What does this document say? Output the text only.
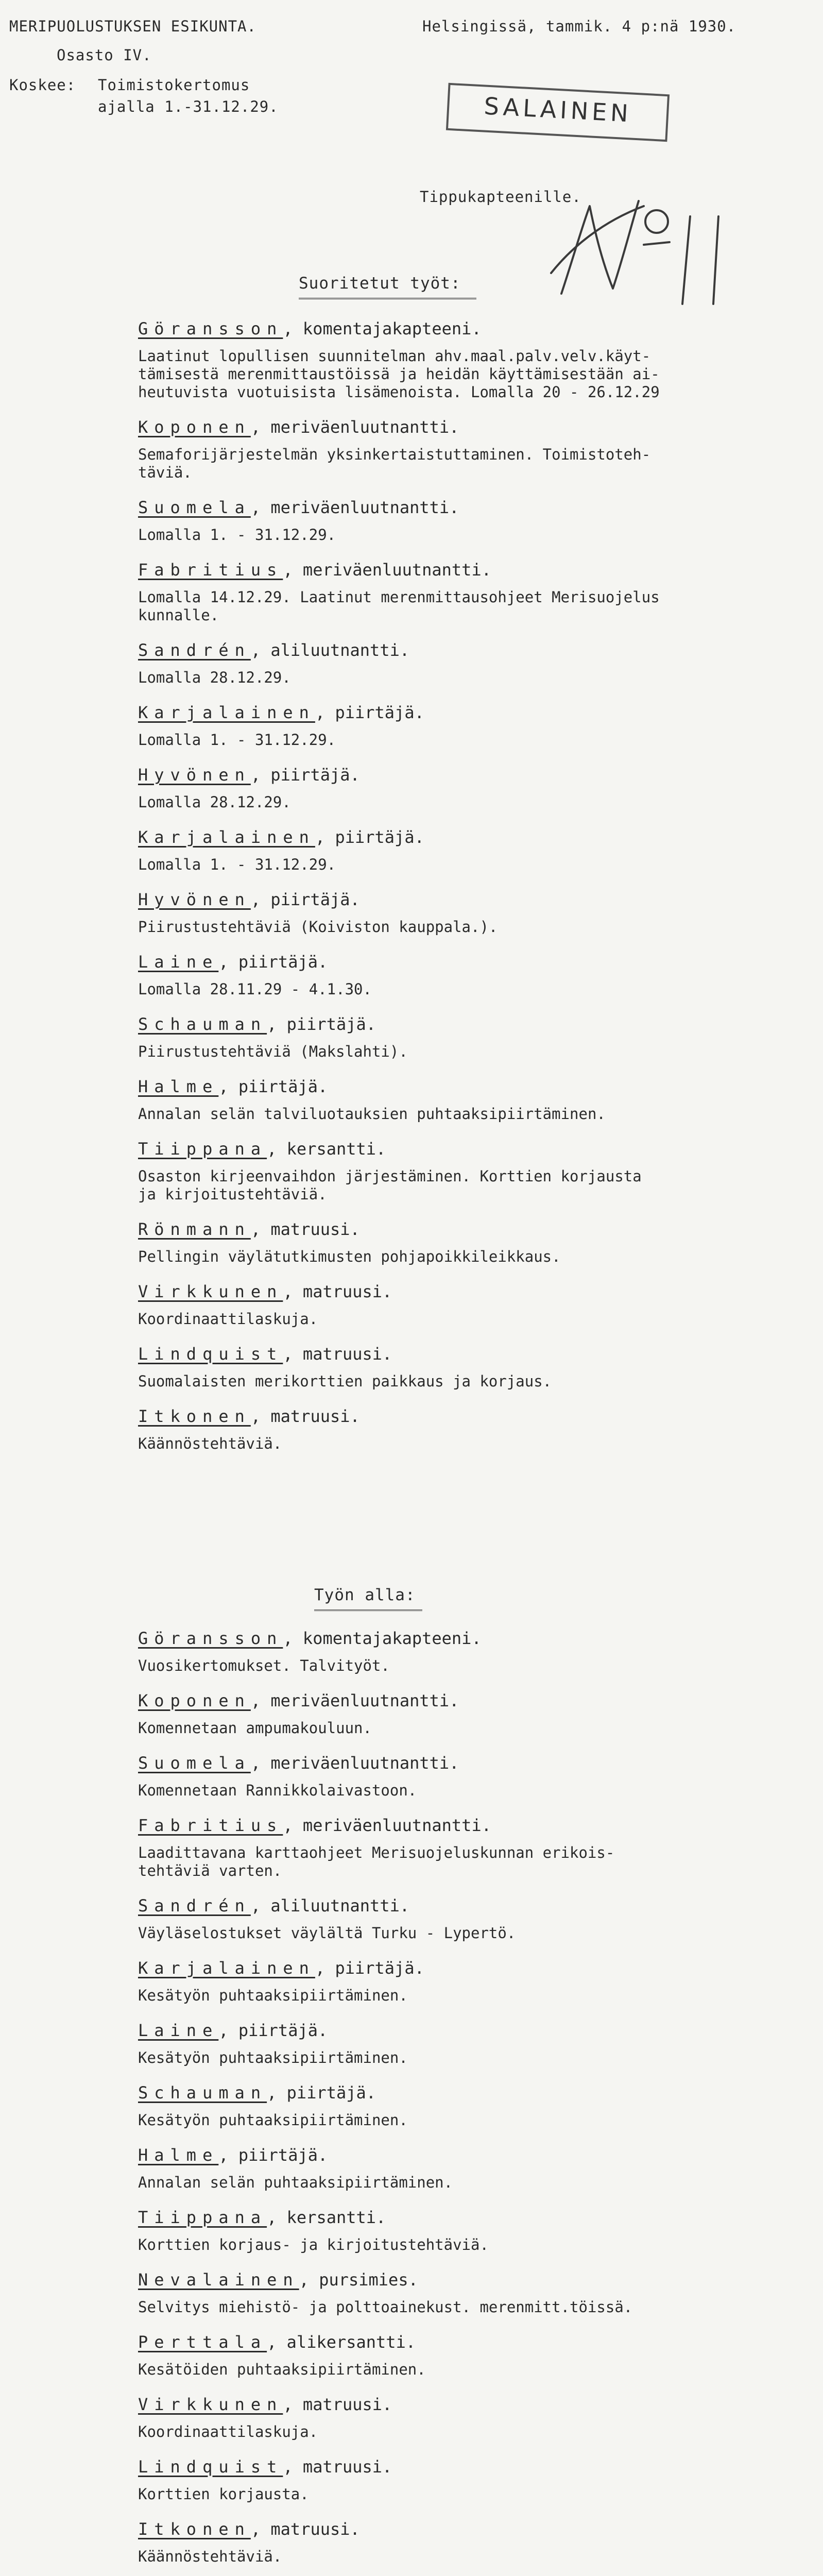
MERIPUOLUSTUKSEN ESIKUNTA.
Osasto IV.
Helsingissä, tammik. 4 p:nä 1930.
Koskee: Toimistokertomus
ajalla 1.-31.12.29.	SALAINEN
Tippukapteenille.
Suoritetut työt:
Göransson, komentajakapteeni.
Laatinut lopullisen suunnitelman ahv.maal.palv.velv.käyt-
tämisestä merenmittaustöissä ja heidän käyttämisestään ai-
heutuvista vuotuisista lisämenoista. Lomalla 20 - 26.12.29
Koponen, meriväenluutnantti.
Semaforijärjestelmän yksinkertaistuttaminen. Toimistoteh-
täviä.
Suomela, meriväenluutnantti.
Lomalla 1. - 31.12.29.
Fabritius, meriväenluutnantti.
Lomalla 14.12.29. Laatinut merenmittausohjeet Merisuojelus
kunnalle.
Sandrén, aliluutnantti.
Lomalla 28.12.29.
Karjalainen, piirtäjä.
Lomalla 1. - 31.12.29.
Hyvönen, piirtäjä.
Lomalla 28.12.29.
Karjalainen, piirtäjä.
Lomalla 1. - 31.12.29.
Hyvönen, piirtäjä.
Piirustustehtäviä (Koiviston kauppala.).
Laine, piirtäjä.
Lomalla 28.11.29 - 4.1.30.
Schauman, piirtäjä.
Piirustustehtäviä (Makslahti).
Halme, piirtäjä.
Annalan selän talviluotauksien puhtaaksipiirtäminen.
Tiippana, kersantti.
Osaston kirjeenvaihdon järjestäminen. Korttien korjausta
ja kirjoitustehtäviä.
Rönmann, matruusi.
Pellingin väylätutkimusten pohjapoikkileikkaus.
Virkkunen, matruusi.
Koordinaattilaskuja.
Lindquist, matruusi.
Suomalaisten merikorttien paikkaus ja korjaus.
Itkonen, matruusi.
Käännöstehtäviä.
Työn alla:
Göransson, komentajakapteeni.
Vuosikertomukset. Talvityöt.
Koponen, meriväenluutnantti.
Komennetaan ampumakouluun.
Suomela, meriväenluutnantti.
Komennetaan Rannikkolaivastoon.
Fabritius, meriväenluutnantti.
Laadittavana karttaohjeet Merisuojeluskunnan erikois-
tehtäviä varten.
Sandrén, aliluutnantti.
Väyläselostukset väylältä Turku - Lypertö.
Karjalainen, piirtäjä.
Kesätyön puhtaaksipiirtäminen.
Laine, piirtäjä.
Kesätyön puhtaaksipiirtäminen.
Schauman, piirtäjä.
Kesätyön puhtaaksipiirtäminen.
Halme, piirtäjä.
Annalan selän puhtaaksipiirtäminen.
Tiippana, kersantti.
Korttien korjaus- ja kirjoitustehtäviä.
Nevalainen, pursimies.
Selvitys miehistö- ja polttoainekust. merenmitt.töissä.
Perttala, alikersantti.
Kesätöiden puhtaaksipiirtäminen.
Virkkunen, matruusi.
Koordinaattilaskuja.
Lindquist, matruusi.
Korttien korjausta.
Itkonen, matruusi.
Käännöstehtäviä.
